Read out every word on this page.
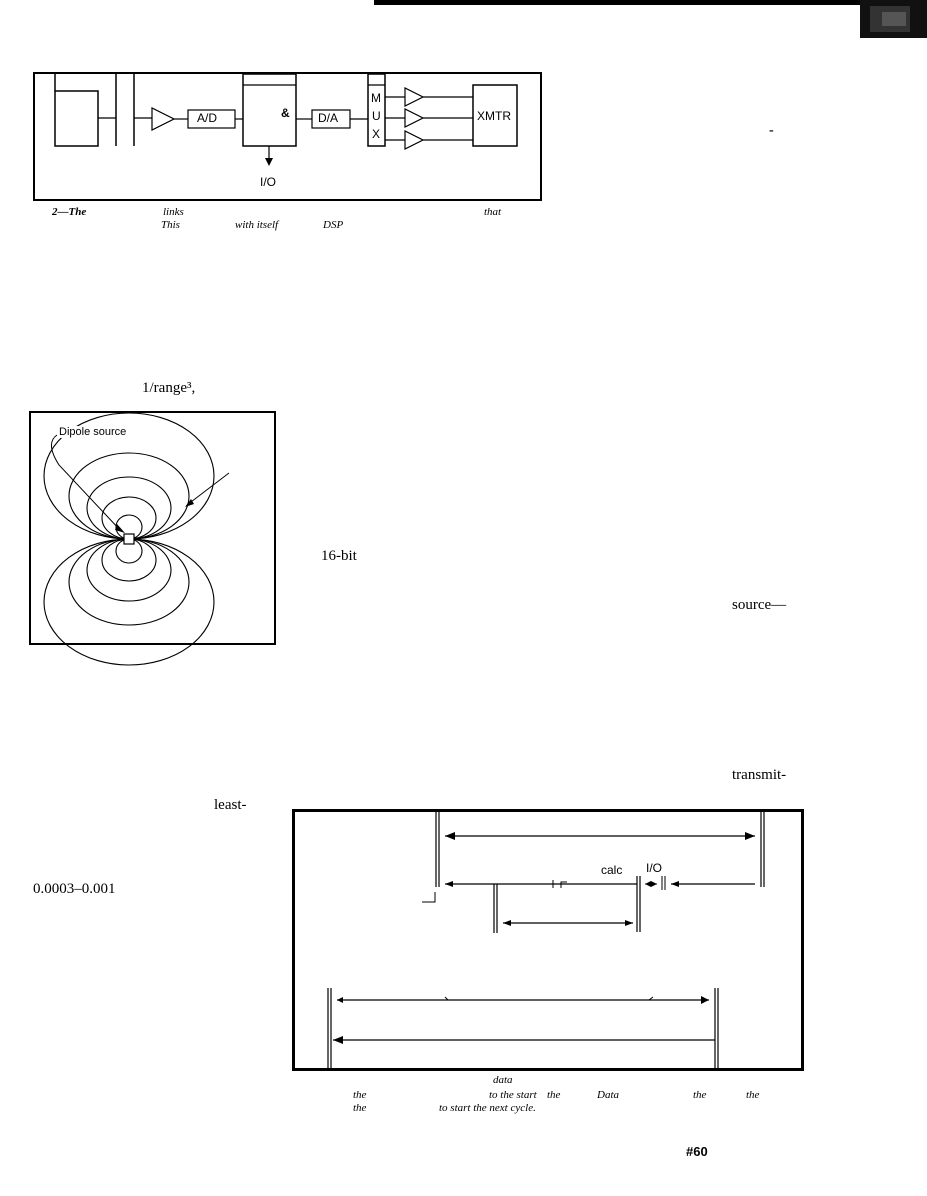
A/D	& D/A
M
U
X
XMTR
I/O
2—The	links	that
This	with itself	DSP
-
1/range³,
16-bit
source—
transmit-
least-
0.0003–0.001
Dipole source
calc I/O
data
the	to the start the	Data	the	the
the	to start the next cycle.
#60
